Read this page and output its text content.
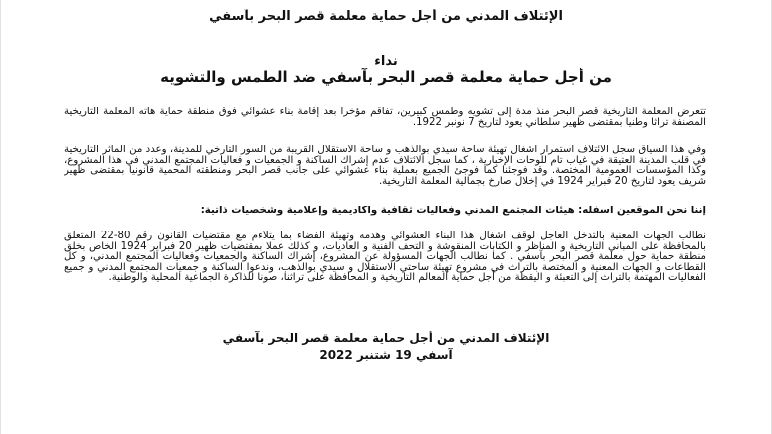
الإئتلاف المدني من أجل حماية معلمة قصر البحر بآسفي
نداء
من أجل حماية معلمة قصر البحر بآسفي ضد الطمس والتشويه
تتعرض المعلمة التاريخية قصر البحر منذ مدة إلى تشويه وطمس كبيرين، تفاقم مؤخرا بعد إقامة بناء عشوائي فوق منطقة حماية هاته المعلمة التاريخية المصنفة تراثا وطنيا بمقتضى ظهير سلطاني يعود لتاريخ 7 نونبر 1922.
وفي هذا السياق سجل الائتلاف استمرار أشغال تهيئة ساحة سيدي بوالذهب و ساحة الاستقلال القريبة من السور التارخي للمدينة، وعدد من المآثر التاريخية في قلب المدينة العتيقة في غياب تام للوحات الإخبارية ، كما سجل الائتلاف عدم إشراك الساكنة و الجمعيات و فعاليات المجتمع المدني في هذا المشروع، وكذا المؤسسات العمومية المختصة. وقد فوجئنا كما فوجئ الجميع بعملية بناء عشوائي على جانب قصر البحر ومنطقته المحمية قانونيا بمقتضى ظهير شريف يعود لتاريخ 20 فبراير 1924 في إخلال صارخ بجمالية المعلمة التاريخية.
إننا نحن الموقعين أسفله: هيئات المجتمع المدني وفعاليات ثقافية وأكاديمية وإعلامية وشخصيات ذاتية:
نطالب الجهات المعنية بالتدخل العاجل لوقف أشغال هذا البناء العشوائي وهدمه وتهيئة الفضاء بما يتلاءم مع مقتضيات القانون رقم 80-22 المتعلق بالمحافظة على المباني التاريخية و المناظر و الكتابات المنقوشة و التحف الفنية و العاديات، و كذلك عملا بمقتضيات ظهير 20 فبراير 1924 الخاص بخلق منطقة حماية حول معلمة قصر البحر بآسفي . كما نطالب الجهات المسؤولة عن المشروع، إشراك الساكنة والجمعيات وفعاليات المجتمع المدني، و كل القطاعات و الجهات المعنية و المختصة بالتراث في مشروع تهيئة ساحتي الاستقلال و سيدي بوالذهب، وندعوا الساكنة و جمعيات المجتمع المدني و جميع الفعاليات المهتمة بالتراث إلى التعبئة و اليقظة من أجل حماية المعالم التاريخية و المحافظة على تراثنا، صونا للذاكرة الجماعية المحلية والوطنية.
الإئتلاف المدني من أجل حماية معلمة قصر البحر بآسفي
آسفي 19 شتنبر 2022
